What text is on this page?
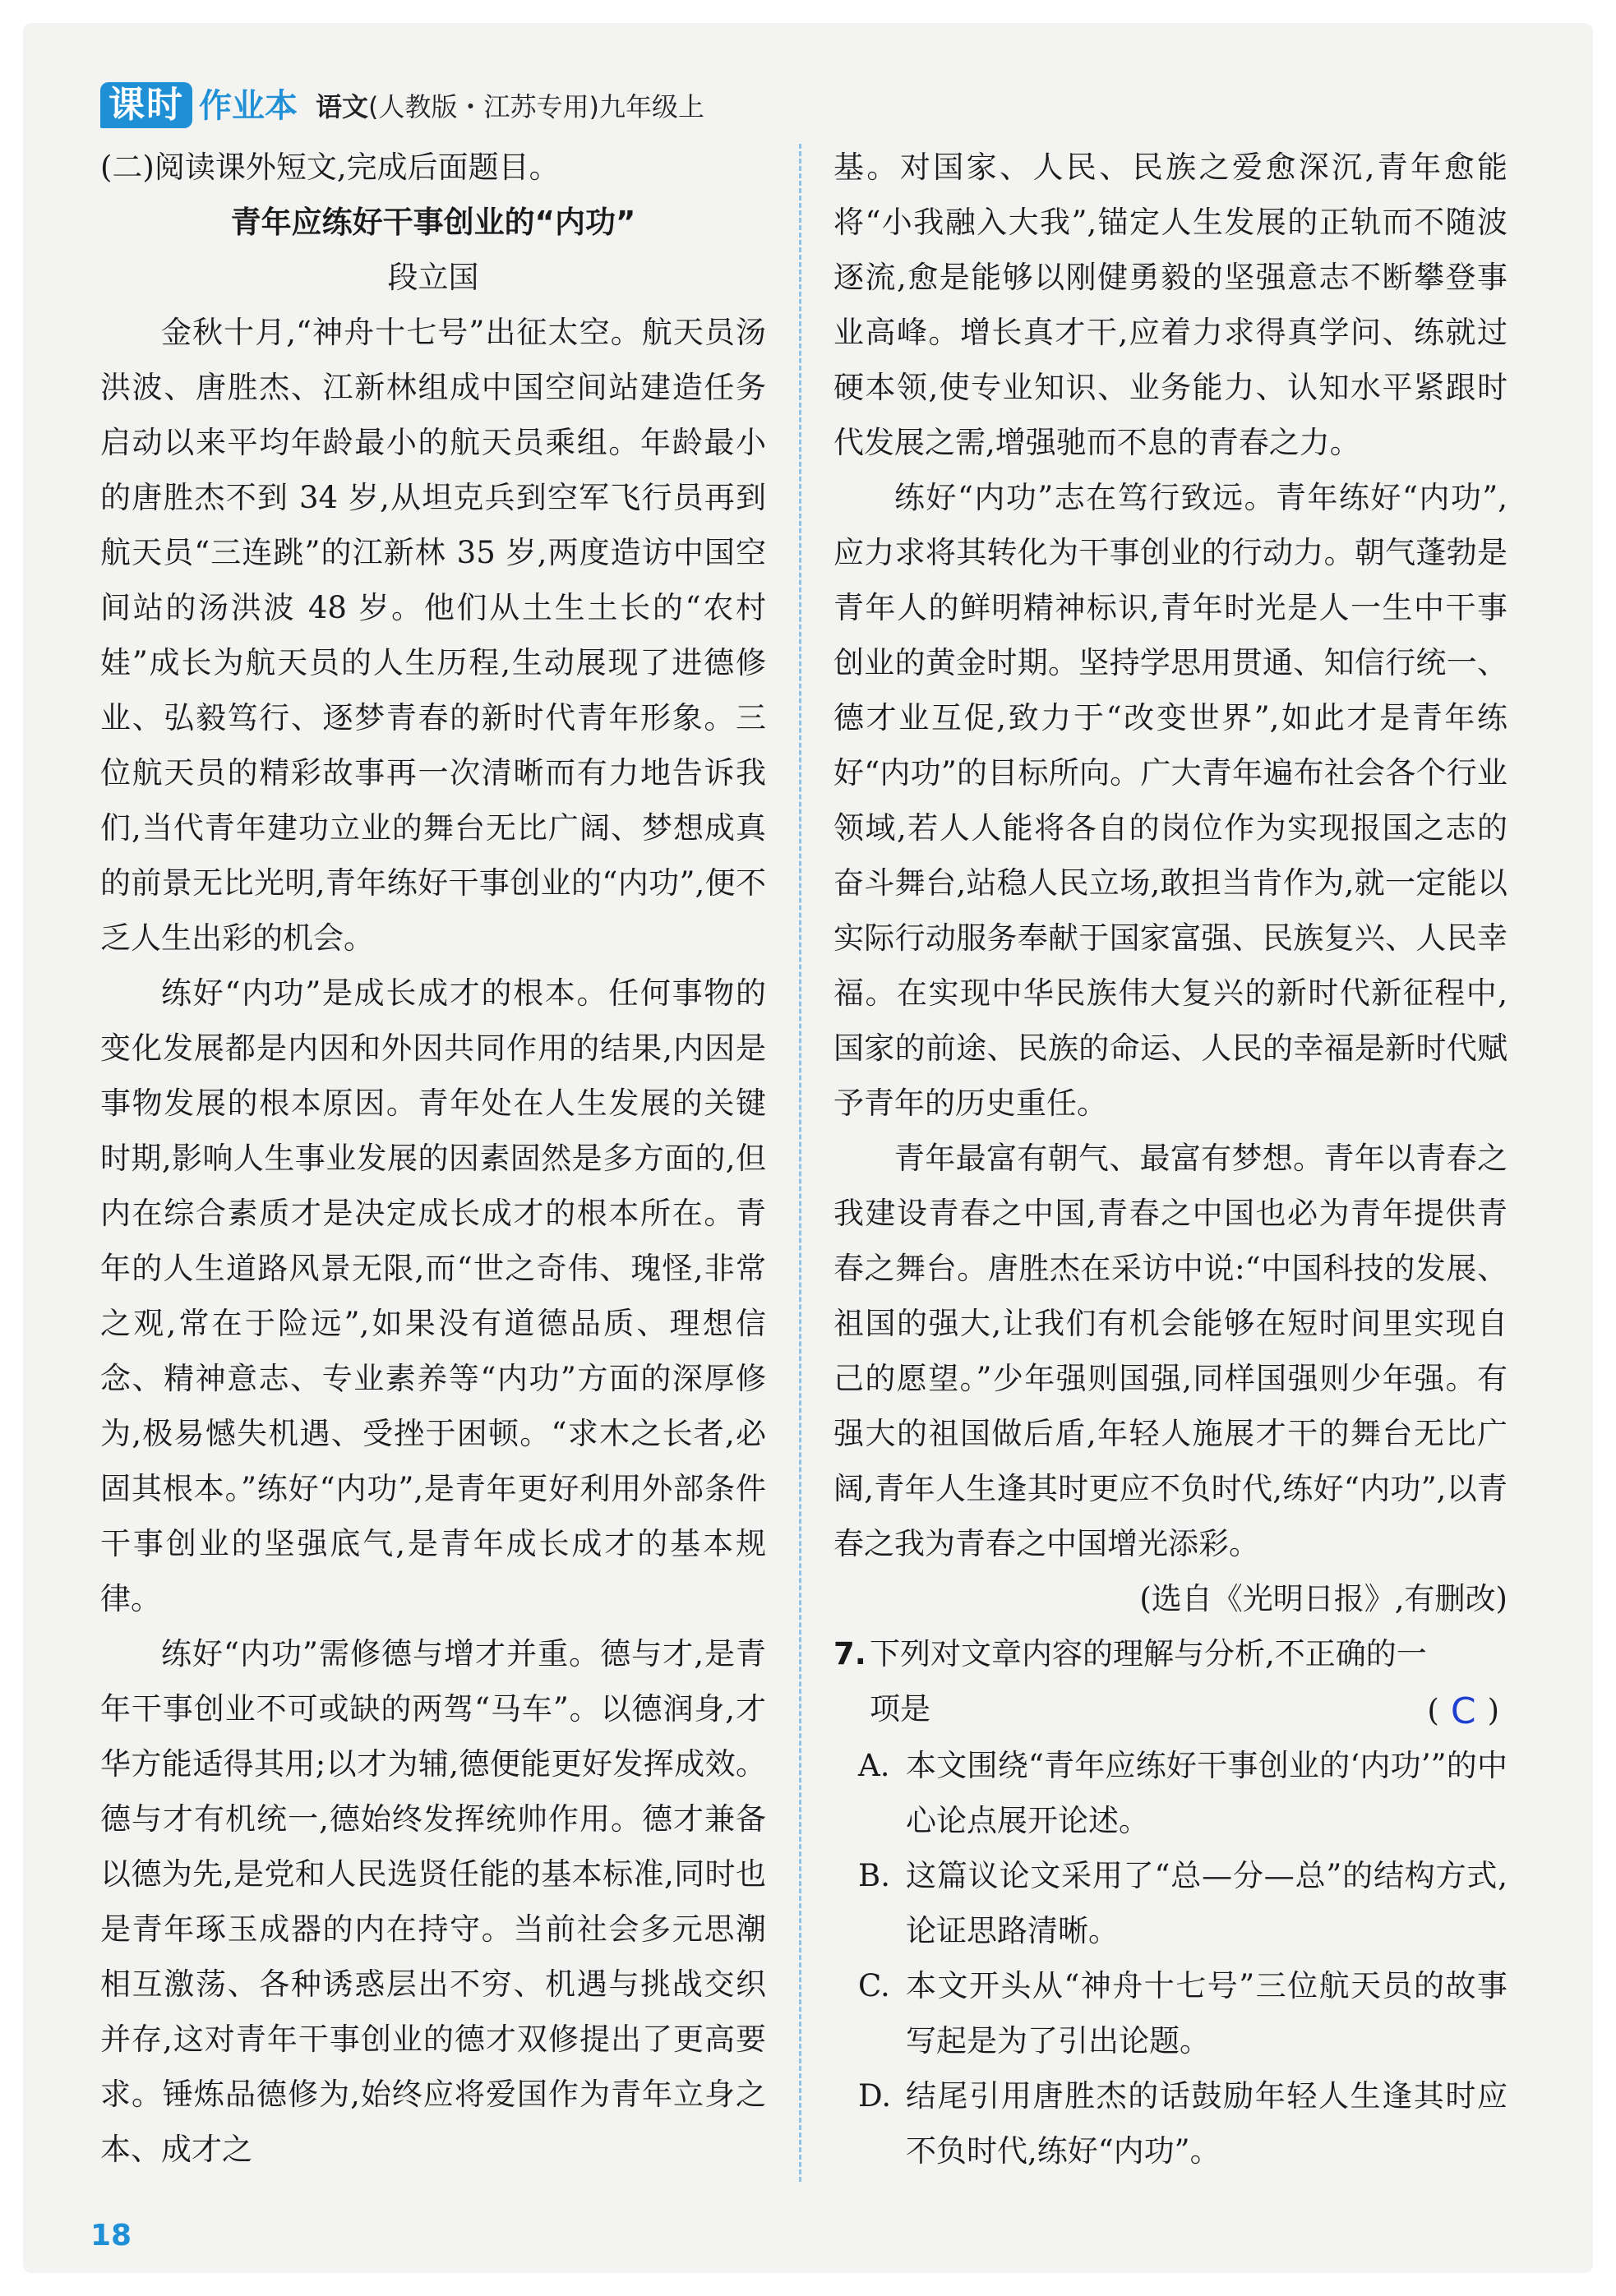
课时 作业本 语文(人教版・江苏专用)九年级上

(二)阅读课外短文,完成后面题目。

青年应练好干事创业的“内功”

段立国

金秋十月,“神舟十七号”出征太空。航天员汤洪波、唐胜杰、江新林组成中国空间站建造任务启动以来平均年龄最小的航天员乘组。年龄最小的唐胜杰不到 34 岁,从坦克兵到空军飞行员再到航天员“三连跳”的江新林 35 岁,两度造访中国空间站的汤洪波 48 岁。他们从土生土长的“农村娃”成长为航天员的人生历程,生动展现了进德修业、弘毅笃行、逐梦青春的新时代青年形象。三位航天员的精彩故事再一次清晰而有力地告诉我们,当代青年建功立业的舞台无比广阔、梦想成真的前景无比光明,青年练好干事创业的“内功”,便不乏人生出彩的机会。

练好“内功”是成长成才的根本。任何事物的变化发展都是内因和外因共同作用的结果,内因是事物发展的根本原因。青年处在人生发展的关键时期,影响人生事业发展的因素固然是多方面的,但内在综合素质才是决定成长成才的根本所在。青年的人生道路风景无限,而“世之奇伟、瑰怪,非常之观,常在于险远”,如果没有道德品质、理想信念、精神意志、专业素养等“内功”方面的深厚修为,极易憾失机遇、受挫于困顿。“求木之长者,必固其根本。”练好“内功”,是青年更好利用外部条件干事创业的坚强底气,是青年成长成才的基本规律。

练好“内功”需修德与增才并重。德与才,是青年干事创业不可或缺的两驾“马车”。以德润身,才华方能适得其用;以才为辅,德便能更好发挥成效。德与才有机统一,德始终发挥统帅作用。德才兼备以德为先,是党和人民选贤任能的基本标准,同时也是青年琢玉成器的内在持守。当前社会多元思潮相互激荡、各种诱惑层出不穷、机遇与挑战交织并存,这对青年干事创业的德才双修提出了更高要求。锤炼品德修为,始终应将爱国作为青年立身之本、成才之

基。对国家、人民、民族之爱愈深沉,青年愈能将“小我融入大我”,锚定人生发展的正轨而不随波逐流,愈是能够以刚健勇毅的坚强意志不断攀登事业高峰。增长真才干,应着力求得真学问、练就过硬本领,使专业知识、业务能力、认知水平紧跟时代发展之需,增强驰而不息的青春之力。

练好“内功”志在笃行致远。青年练好“内功”,应力求将其转化为干事创业的行动力。朝气蓬勃是青年人的鲜明精神标识,青年时光是人一生中干事创业的黄金时期。坚持学思用贯通、知信行统一、德才业互促,致力于“改变世界”,如此才是青年练好“内功”的目标所向。广大青年遍布社会各个行业领域,若人人能将各自的岗位作为实现报国之志的奋斗舞台,站稳人民立场,敢担当肯作为,就一定能以实际行动服务奉献于国家富强、民族复兴、人民幸福。在实现中华民族伟大复兴的新时代新征程中,国家的前途、民族的命运、人民的幸福是新时代赋予青年的历史重任。

青年最富有朝气、最富有梦想。青年以青春之我建设青春之中国,青春之中国也必为青年提供青春之舞台。唐胜杰在采访中说:“中国科技的发展、祖国的强大,让我们有机会能够在短时间里实现自己的愿望。”少年强则国强,同样国强则少年强。有强大的祖国做后盾,年轻人施展才干的舞台无比广阔,青年人生逢其时更应不负时代,练好“内功”,以青春之我为青春之中国增光添彩。

(选自《光明日报》,有删改)

7. 下列对文章内容的理解与分析,不正确的一
项是	( C )
A. 本文围绕“青年应练好干事创业的‘内功’”的中心论点展开论述。
B. 这篇议论文采用了“总—分—总”的结构方式,论证思路清晰。
C. 本文开头从“神舟十七号”三位航天员的故事写起是为了引出论题。
D. 结尾引用唐胜杰的话鼓励年轻人生逢其时应不负时代,练好“内功”。
18
